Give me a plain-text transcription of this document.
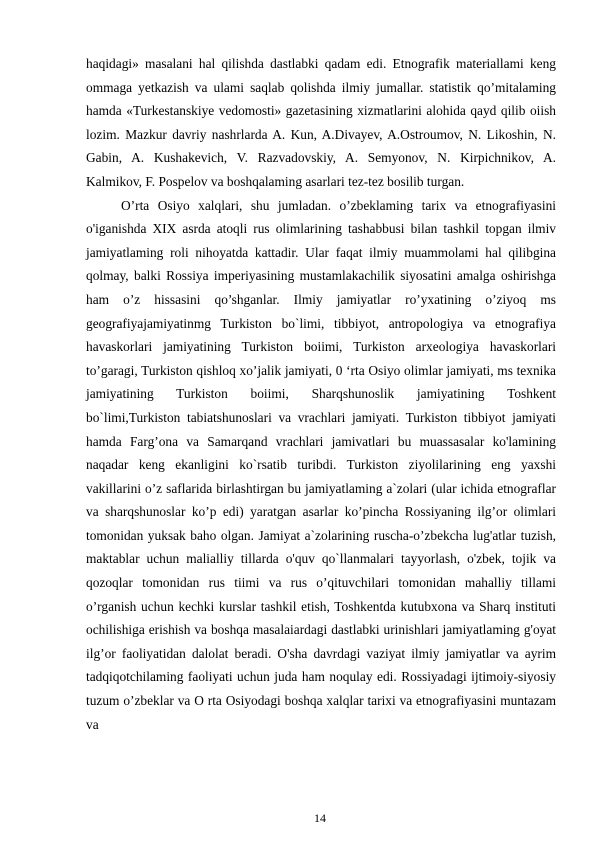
haqidagi» masalani hal qilishda dastlabki qadam edi. Etnografik materiallami keng ommaga yetkazish va ulami saqlab qolishda ilmiy jumallar. statistik qo’mitalaming hamda «Turkestanskiye vedomosti» gazetasining xizmatlarini alohida qayd qilib oiish lozim. Mazkur davriy nashrlarda A. Kun, A.Divayev, A.Ostroumov, N. Likoshin, N. Gabin, A. Kushakevich, V. Razvadovskiy, A. Semyonov, N. Kirpichnikov, A. Kalmikov, F. Pospelov va boshqalaming asarlari tez-tez bosilib turgan.

O’rta Osiyo xalqlari, shu jumladan. o’zbeklaming tarix va etnografiyasini o'iganishda XIX asrda atoqli rus olimlarining tashabbusi bilan tashkil topgan ilmiv jamiyatlaming roli nihoyatda kattadir. Ular faqat ilmiy muammolami hal qilibgina qolmay, balki Rossiya imperiyasining mustamlakachilik siyosatini amalga oshirishga ham o’z hissasini qo’shganlar. Ilmiy jamiyatlar ro’yxatining o’ziyoq ms geografiyajamiyatinmg Turkiston bo`limi, tibbiyot, antropologiya va etnografiya havaskorlari jamiyatining Turkiston boiimi, Turkiston arxeologiya havaskorlari to’garagi, Turkiston qishloq xo’jalik jamiyati, 0 ‘rta Osiyo olimlar jamiyati, ms texnika jamiyatining Turkiston boiimi, Sharqshunoslik jamiyatining Toshkent bo`limi,Turkiston tabiatshunoslari va vrachlari jamiyati. Turkiston tibbiyot jamiyati hamda Farg’ona va Samarqand vrachlari jamivatlari bu muassasalar ko'lamining naqadar keng ekanligini ko`rsatib turibdi. Turkiston ziyolilarining eng yaxshi vakillarini o’z saflarida birlashtirgan bu jamiyatlaming a`zolari (ular ichida etnograflar va sharqshunoslar ko’p edi) yaratgan asarlar ko’pincha Rossiyaning ilg’or olimlari tomonidan yuksak baho olgan. Jamiyat a`zolarining ruscha-o’zbekcha lug'atlar tuzish, maktablar uchun malialliy tillarda o'quv qo`llanmalari tayyorlash, o'zbek, tojik va qozoqlar tomonidan rus tiimi va rus o’qituvchilari tomonidan mahalliy tillami o’rganish uchun kechki kurslar tashkil etish, Toshkentda kutubxona va Sharq instituti ochilishiga erishish va boshqa masalaiardagi dastlabki urinishlari jamiyatlaming g'oyat ilg’or faoliyatidan dalolat beradi. O'sha davrdagi vaziyat ilmiy jamiyatlar va ayrim tadqiqotchilaming faoliyati uchun juda ham noqulay edi. Rossiyadagi ijtimoiy-siyosiy tuzum o’zbeklar va O rta Osiyodagi boshqa xalqlar tarixi va etnografiyasini muntazam va

14
